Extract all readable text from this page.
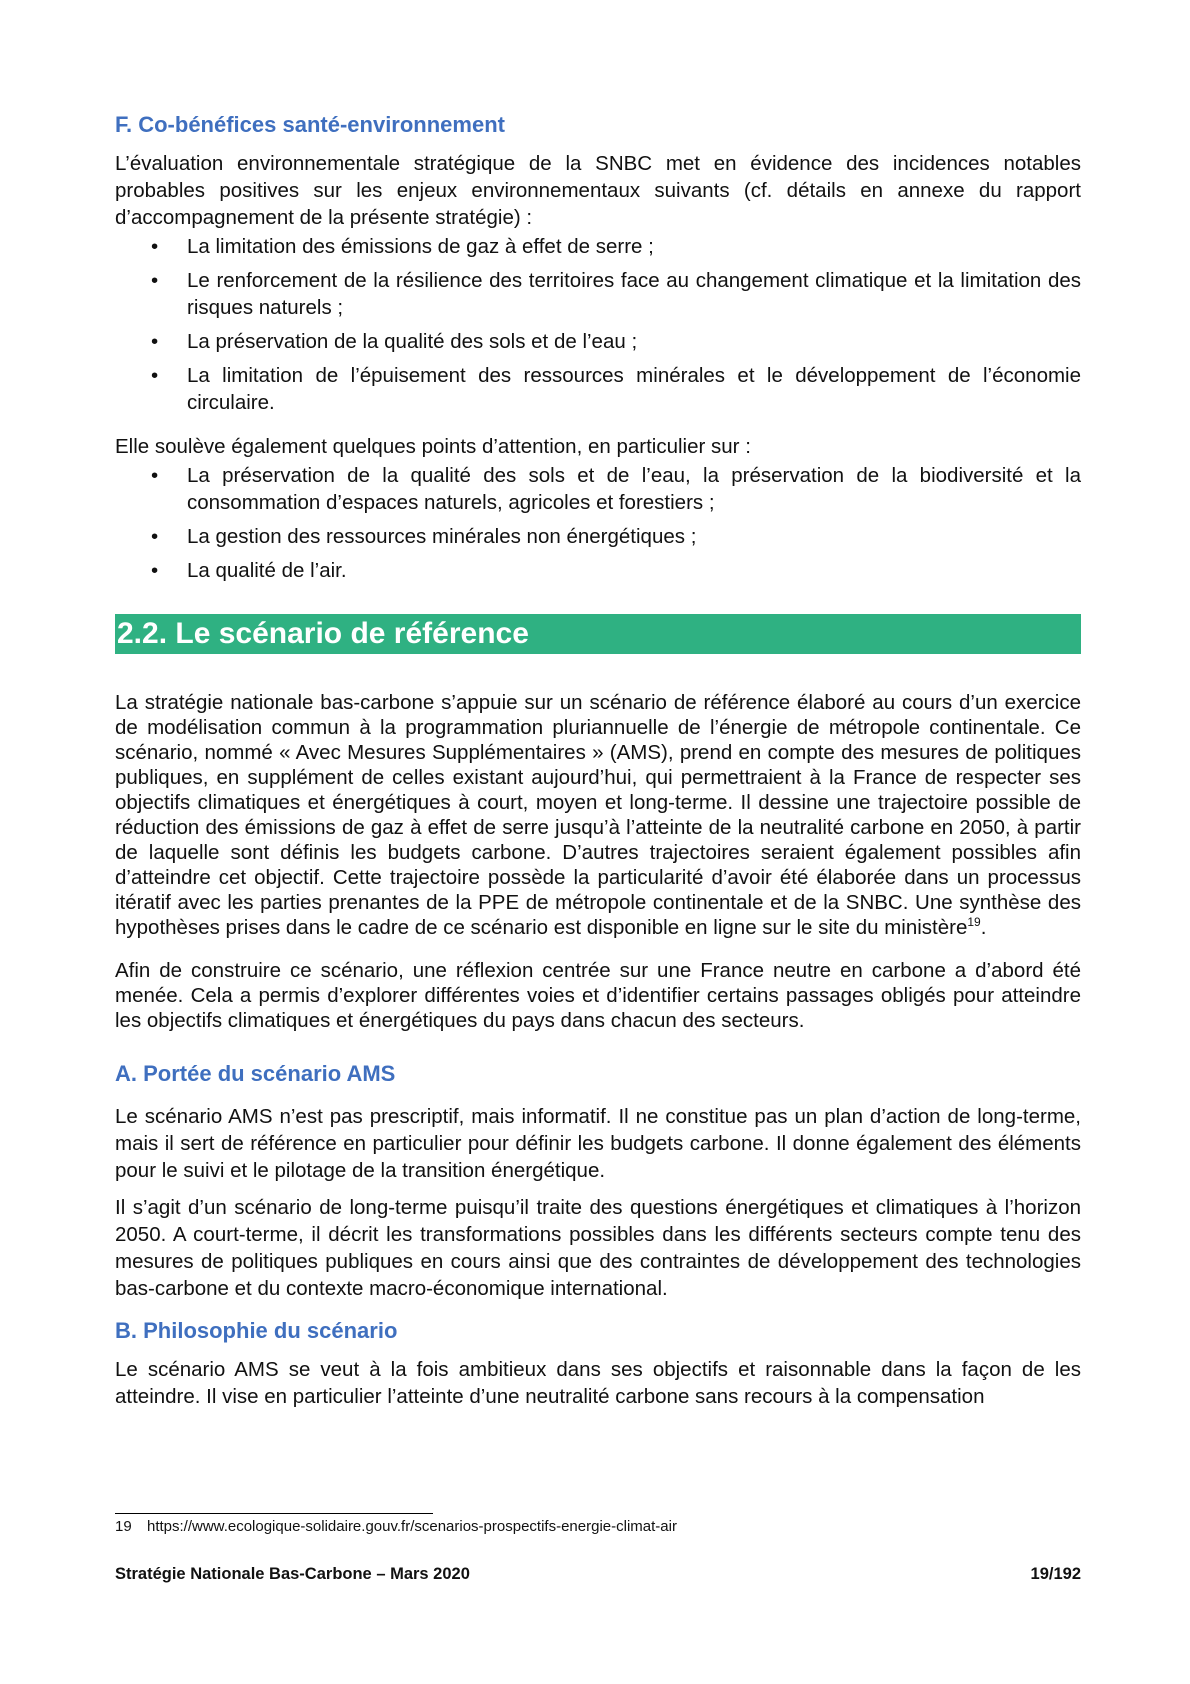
F. Co-bénéfices santé-environnement

L’évaluation environnementale stratégique de la SNBC met en évidence des incidences notables probables positives sur les enjeux environnementaux suivants (cf. détails en annexe du rapport d’accompagnement de la présente stratégie) :

• La limitation des émissions de gaz à effet de serre ;
• Le renforcement de la résilience des territoires face au changement climatique et la limitation des risques naturels ;
• La préservation de la qualité des sols et de l’eau ;
• La limitation de l’épuisement des ressources minérales et le développement de l’économie circulaire.

Elle soulève également quelques points d’attention, en particulier sur :

• La préservation de la qualité des sols et de l’eau, la préservation de la biodiversité et la consommation d’espaces naturels, agricoles et forestiers ;
• La gestion des ressources minérales non énergétiques ;
• La qualité de l’air.
2.2. Le scénario de référence

La stratégie nationale bas-carbone s’appuie sur un scénario de référence élaboré au cours d’un exercice de modélisation commun à la programmation pluriannuelle de l’énergie de métropole continentale. Ce scénario, nommé « Avec Mesures Supplémentaires » (AMS), prend en compte des mesures de politiques publiques, en supplément de celles existant aujourd’hui, qui permettraient à la France de respecter ses objectifs climatiques et énergétiques à court, moyen et long-terme. Il dessine une trajectoire possible de réduction des émissions de gaz à effet de serre jusqu’à l’atteinte de la neutralité carbone en 2050, à partir de laquelle sont définis les budgets carbone. D’autres trajectoires seraient également possibles afin d’atteindre cet objectif. Cette trajectoire possède la particularité d’avoir été élaborée dans un processus itératif avec les parties prenantes de la PPE de métropole continentale et de la SNBC. Une synthèse des hypothèses prises dans le cadre de ce scénario est disponible en ligne sur le site du ministère$^{19}$.

Afin de construire ce scénario, une réflexion centrée sur une France neutre en carbone a d’abord été menée. Cela a permis d’explorer différentes voies et d’identifier certains passages obligés pour atteindre les objectifs climatiques et énergétiques du pays dans chacun des secteurs.

A. Portée du scénario AMS

Le scénario AMS n’est pas prescriptif, mais informatif. Il ne constitue pas un plan d’action de long-terme, mais il sert de référence en particulier pour définir les budgets carbone. Il donne également des éléments pour le suivi et le pilotage de la transition énergétique.

Il s’agit d’un scénario de long-terme puisqu’il traite des questions énergétiques et climatiques à l’horizon 2050. A court-terme, il décrit les transformations possibles dans les différents secteurs compte tenu des mesures de politiques publiques en cours ainsi que des contraintes de développement des technologies bas-carbone et du contexte macro-économique international.

B. Philosophie du scénario

Le scénario AMS se veut à la fois ambitieux dans ses objectifs et raisonnable dans la façon de les atteindre. Il vise en particulier l’atteinte d’une neutralité carbone sans recours à la compensation

19 https://www.ecologique-solidaire.gouv.fr/scenarios-prospectifs-energie-climat-air
Stratégie Nationale Bas-Carbone – Mars 2020	19/192
